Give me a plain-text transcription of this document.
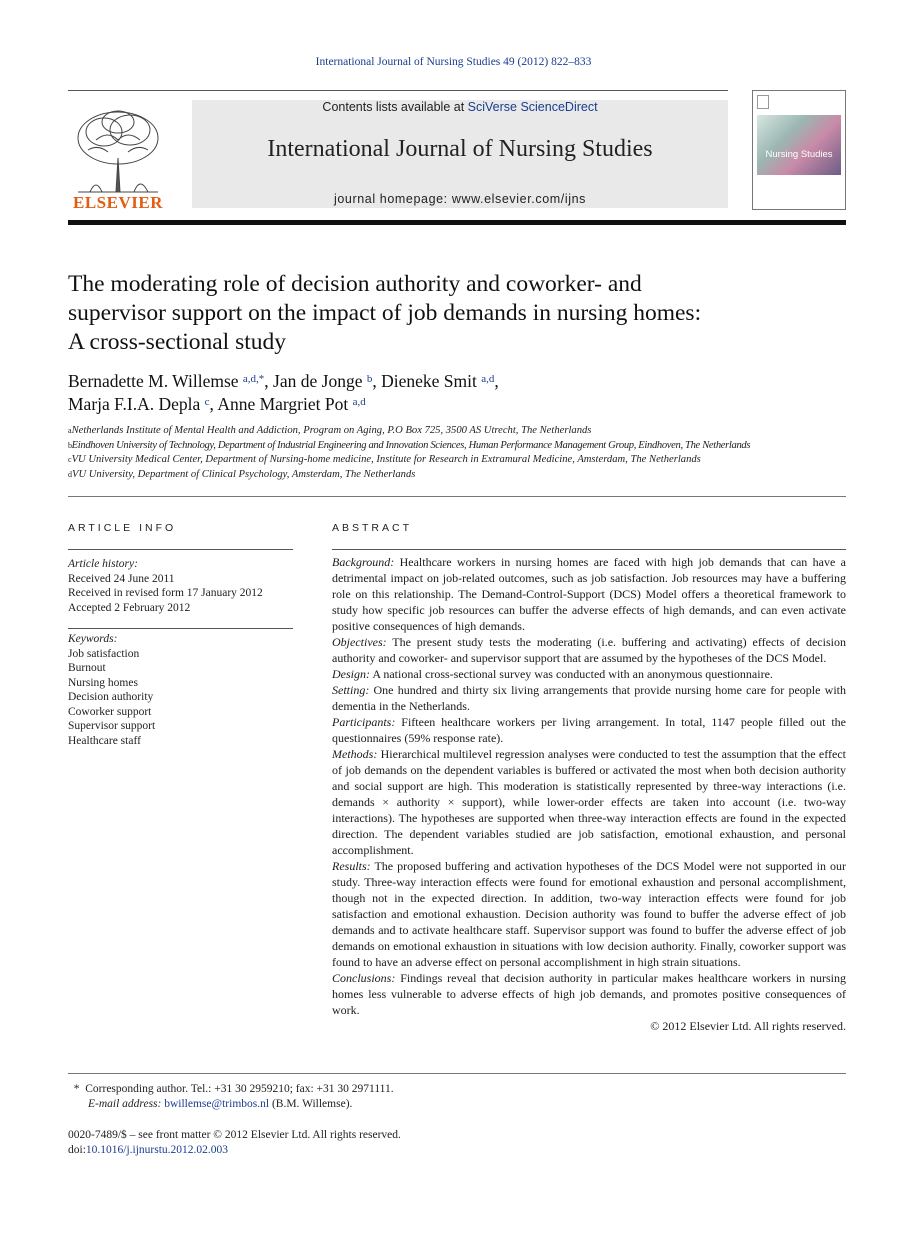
International Journal of Nursing Studies 49 (2012) 822–833
ELSEVIER
Contents lists available at SciVerse ScienceDirect
International Journal of Nursing Studies
journal homepage: www.elsevier.com/ijns
Nursing Studies
The moderating role of decision authority and coworker- and
supervisor support on the impact of job demands in nursing homes:
A cross-sectional study
Bernadette M. Willemse $^{a,d,*}$, Jan de Jonge $^b$, Dieneke Smit $^{a,d}$,
Marja F.I.A. Depla $^c$, Anne Margriet Pot $^{a,d}$
$^a$Netherlands Institute of Mental Health and Addiction, Program on Aging, P.O Box 725, 3500 AS Utrecht, The Netherlands
$^b$Eindhoven University of Technology, Department of Industrial Engineering and Innovation Sciences, Human Performance Management Group, Eindhoven, The Netherlands
$^c$VU University Medical Center, Department of Nursing-home medicine, Institute for Research in Extramural Medicine, Amsterdam, The Netherlands
$^d$VU University, Department of Clinical Psychology, Amsterdam, The Netherlands
ARTICLE INFO	ABSTRACT
Article history:
Received 24 June 2011
Received in revised form 17 January 2012
Accepted 2 February 2012
Keywords:
Job satisfaction
Burnout
Nursing homes
Decision authority
Coworker support
Supervisor support
Healthcare staff

Background: Healthcare workers in nursing homes are faced with high job demands that can have a detrimental impact on job-related outcomes, such as job satisfaction. Job resources may have a buffering role on this relationship. The Demand-Control-Support (DCS) Model offers a theoretical framework to study how specific job resources can buffer the adverse effects of high demands, and can even activate positive consequences of high demands.

Objectives: The present study tests the moderating (i.e. buffering and activating) effects of decision authority and coworker- and supervisor support that are assumed by the hypotheses of the DCS Model.

Design: A national cross-sectional survey was conducted with an anonymous questionnaire.

Setting: One hundred and thirty six living arrangements that provide nursing home care for people with dementia in the Netherlands.

Participants: Fifteen healthcare workers per living arrangement. In total, 1147 people filled out the questionnaires (59% response rate).

Methods: Hierarchical multilevel regression analyses were conducted to test the assumption that the effect of job demands on the dependent variables is buffered or activated the most when both decision authority and social support are high. This moderation is statistically represented by three-way interactions (i.e. demands × authority × support), while lower-order effects are taken into account (i.e. two-way interactions). The hypotheses are supported when three-way interaction effects are found in the expected direction. The dependent variables studied are job satisfaction, emotional exhaustion, and personal accomplishment.

Results: The proposed buffering and activation hypotheses of the DCS Model were not supported in our study. Three-way interaction effects were found for emotional exhaustion and personal accomplishment, though not in the expected direction. In addition, two-way interaction effects were found for job satisfaction and emotional exhaustion. Decision authority was found to buffer the adverse effect of job demands and to activate healthcare staff. Supervisor support was found to buffer the adverse effect of job demands on emotional exhaustion in situations with low decision authority. Finally, coworker support was found to have an adverse effect on personal accomplishment in high strain situations.

Conclusions: Findings reveal that decision authority in particular makes healthcare workers in nursing homes less vulnerable to adverse effects of high job demands, and promotes positive consequences of work.

© 2012 Elsevier Ltd. All rights reserved.

* Corresponding author. Tel.: +31 30 2959210; fax: +31 30 2971111.
E-mail address: bwillemse@trimbos.nl (B.M. Willemse).
0020-7489/$ – see front matter © 2012 Elsevier Ltd. All rights reserved.
doi:10.1016/j.ijnurstu.2012.02.003
